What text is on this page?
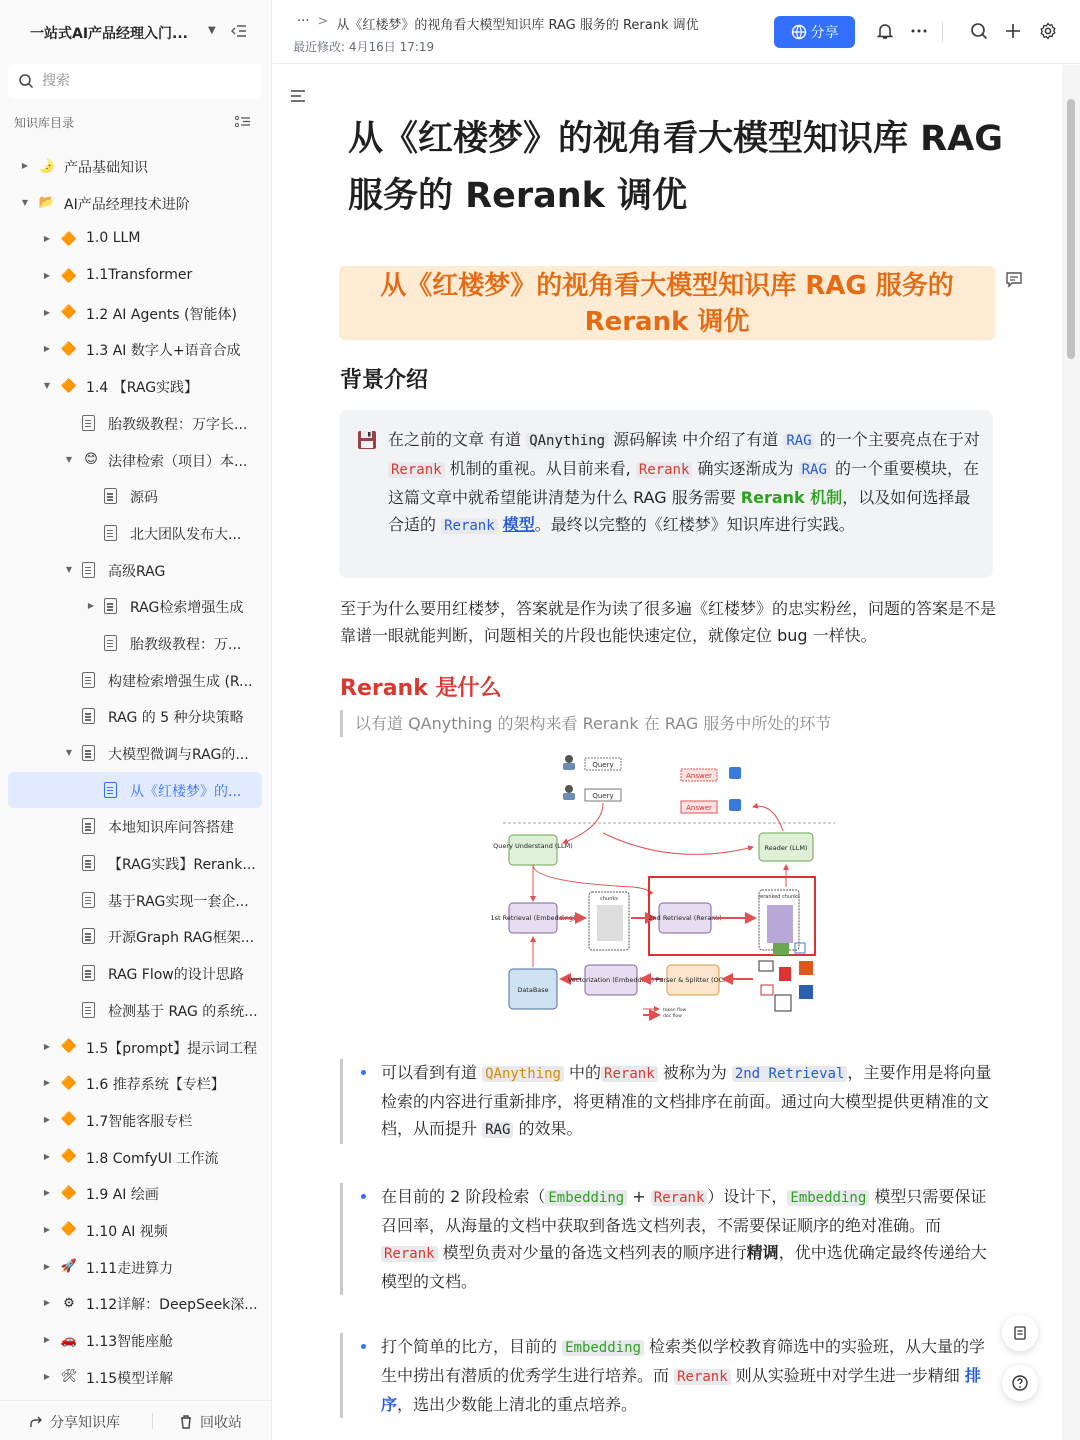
一站式AI产品经理入门... ▼
搜索
知识库目录
▶ 🌛 产品基础知识
▼ 📂 AI产品经理技术进阶
▶ 🔶 1.0 LLM
▶ 🔶 1.1Transformer
▶ 🔶 1.2 AI Agents (智能体)
▶ 🔶 1.3 AI 数字人+语音合成
▼ 🔶 1.4 【RAG实践】
胎教级教程：万字长...
▼ 😊 法律检索（项目）本...
源码
北大团队发布大...
▼	高级RAG
▶	RAG检索增强生成
胎教级教程：万...
构建检索增强生成 (R...
RAG 的 5 种分块策略
▼	大模型微调与RAG的...
从《红楼梦》的...
本地知识库问答搭建
【RAG实践】Rerank...
基于RAG实现一套企...
开源Graph RAG框架...
RAG Flow的设计思路
检测基于 RAG 的系统...
▶ 🔶 1.5【prompt】提示词工程
▶ 🔶 1.6 推荐系统【专栏】
▶ 🔶 1.7智能客服专栏
▶ 🔶 1.8 ComfyUI 工作流
▶ 🔶 1.9 AI 绘画
▶ 🔶 1.10 AI 视频
▶ 🚀 1.11走进算力
▶ ⚙ 1.12详解：DeepSeek深...
▶ 🚗 1.13智能座舱
▶ 🛠 1.15模型详解
分享知识库	回收站
··· > 从《红楼梦》的视角看大模型知识库 RAG 服务的 Rerank 调优
最近修改: 4月16日 17:19
分享
从《红楼梦》的视角看大模型知识库 RAG
服务的 Rerank 调优
从《红楼梦》的视角看大模型知识库 RAG 服务的
Rerank 调优
背景介绍

在之前的文章 有道 QAnything 源码解读 中介绍了有道 RAG 的一个主要亮点在于对 Rerank 机制的重视。从目前来看, Rerank 确实逐渐成为 RAG 的一个重要模块，在这篇文章中就希望能讲清楚为什么 RAG 服务需要 Rerank 机制，以及如何选择最合适的 Rerank 模型。最终以完整的《红楼梦》知识库进行实践。

至于为什么要用红楼梦，答案就是作为读了很多遍《红楼梦》的忠实粉丝，问题的答案是不是靠谱一眼就能判断，问题相关的片段也能快速定位，就像定位 bug 一样快。

Rerank 是什么
以有道 QAnything 的架构来看 Rerank 在 RAG 服务中所处的环节
Query
Query
Answer
Answer
Query Understand (LLM)	Reader (LLM)
1st Retrieval (Embedding)
chunks
2nd Retrieval (Rerank)
reranked chunks
DataBase
Vectorization (Embedding) Parser & Splitter (OCR)
token flow
doc flow
可以看到有道 QAnything 中的 Rerank 被称为为 2nd Retrieval ，主要作用是将向量检索的内容进行重新排序，将更精准的文档排序在前面。通过向大模型提供更精准的文档，从而提升 RAG 的效果。
在目前的 2 阶段检索（ Embedding + Rerank ）设计下， Embedding 模型只需要保证召回率，从海量的文档中获取到备选文档列表，不需要保证顺序的绝对准确。而 Rerank 模型负责对少量的备选文档列表的顺序进行精调，优中选优确定最终传递给大模型的文档。
打个简单的比方，目前的 Embedding 检索类似学校教育筛选中的实验班，从大量的学生中捞出有潜质的优秀学生进行培养。而 Rerank 则从实验班中对学生进一步精细 排序，选出少数能上清北的重点培养。
